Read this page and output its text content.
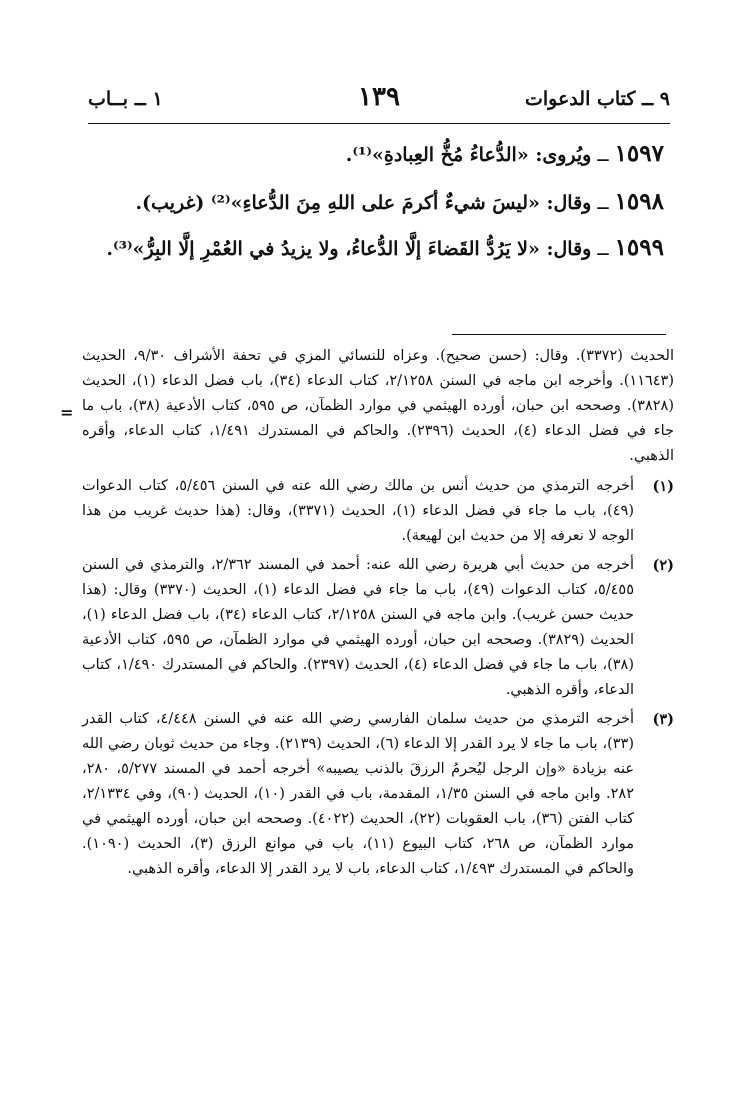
٩ ــ كتاب الدعوات
١٣٩
١ ــ بــاب
١٥٩٧ ــ ويُروى: «الدُّعاءُ مُخُّ العِبادةِ»⁽¹⁾.
١٥٩٨ ــ وقال: «ليسَ شيءٌ أكرمَ على اللهِ مِنَ الدُّعاءِ»⁽²⁾ (غريب).
١٥٩٩ ــ وقال: «لا يَرُدُّ القَضاءَ إلَّا الدُّعاءُ، ولا يزيدُ في العُمْرِ إلَّا البِرُّ»⁽³⁾.
الحديث (٣٣٧٢). وقال: (حسن صحيح). وعزاه للنسائي المزي في تحفة الأشراف ٩/٣٠، الحديث (١١٦٤٣). وأخرجه ابن ماجه في السنن ٢/١٢٥٨، كتاب الدعاء (٣٤)، باب فضل الدعاء (١)، الحديث (٣٨٢٨). وصححه ابن حبان، أورده الهيثمي في موارد الظمآن، ص ٥٩٥، كتاب الأدعية (٣٨)، باب ما جاء في فضل الدعاء (٤)، الحديث (٢٣٩٦). والحاكم في المستدرك ١/٤٩١، كتاب الدعاء، وأقره الذهبي.
=
(١)
أخرجه الترمذي من حديث أنس بن مالك رضي الله عنه في السنن ٥/٤٥٦، كتاب الدعوات (٤٩)، باب ما جاء في فضل الدعاء (١)، الحديث (٣٣٧١)، وقال: (هذا حديث غريب من هذا الوجه لا نعرفه إلا من حديث ابن لهيعة).
(٢)
أخرجه من حديث أبي هريرة رضي الله عنه: أحمد في المسند ٢/٣٦٢، والترمذي في السنن ٥/٤٥٥، كتاب الدعوات (٤٩)، باب ما جاء في فضل الدعاء (١)، الحديث (٣٣٧٠) وقال: (هذا حديث حسن غريب). وابن ماجه في السنن ٢/١٢٥٨، كتاب الدعاء (٣٤)، باب فضل الدعاء (١)، الحديث (٣٨٢٩). وصححه ابن حبان، أورده الهيثمي في موارد الظمآن، ص ٥٩٥، كتاب الأدعية (٣٨)، باب ما جاء في فضل الدعاء (٤)، الحديث (٢٣٩٧). والحاكم في المستدرك ١/٤٩٠، كتاب الدعاء، وأقره الذهبي.
(٣)
أخرجه الترمذي من حديث سلمان الفارسي رضي الله عنه في السنن ٤/٤٤٨، كتاب القدر (٣٣)، باب ما جاء لا يرد القدر إلا الدعاء (٦)، الحديث (٢١٣٩). وجاء من حديث ثوبان رضي الله عنه بزيادة «وإن الرجل ليُحرمُ الرزقَ بالذنب يصيبه» أخرجه أحمد في المسند ٥/٢٧٧، ٢٨٠، ٢٨٢. وابن ماجه في السنن ١/٣٥، المقدمة، باب في القدر (١٠)، الحديث (٩٠)، وفي ٢/١٣٣٤، كتاب الفتن (٣٦)، باب العقوبات (٢٢)، الحديث (٤٠٢٢). وصححه ابن حبان، أورده الهيثمي في موارد الظمآن، ص ٢٦٨، كتاب البيوع (١١)، باب في موانع الرزق (٣)، الحديث (١٠٩٠). والحاكم في المستدرك ١/٤٩٣، كتاب الدعاء، باب لا يرد القدر إلا الدعاء، وأقره الذهبي.
